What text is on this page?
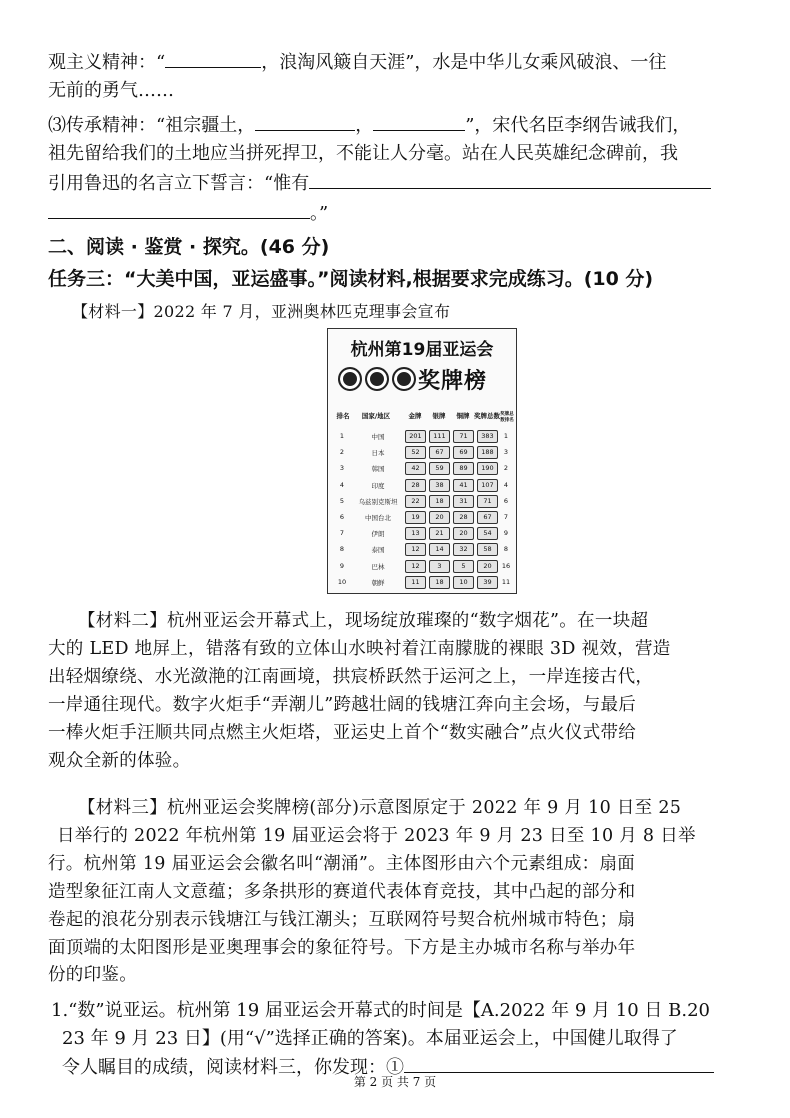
观主义精神：“	，浪淘风簸自天涯”，水是中华儿女乘风破浪、一往
无前的勇气……
⑶传承精神：“祖宗疆土，	，	”，宋代名臣李纲告诫我们，
祖先留给我们的土地应当拼死捍卫，不能让人分毫。站在人民英雄纪念碑前，我
引用鲁迅的名言立下誓言：“惟有
。”
二、阅读 · 鉴赏 · 探究。(46 分)
任务三：“大美中国，亚运盛事。”阅读材料,根据要求完成练习。(10 分)
【材料一】2022 年 7 月，亚洲奥林匹克理事会宣布
杭州第19届亚运会
奖牌榜
排名	国家/地区	金牌	银牌	铜牌 奖牌总数 奖牌总数排名
1	中国	201	111	71	383	1
2	日本	52	67	69	188	3
3	韩国	42	59	89	190	2
4	印度	28	38	41	107	4
5	乌兹别克斯坦	22	18	31	71	6
6	中国台北	19	20	28	67	7
7	伊朗	13	21	20	54	9
8	泰国	12	14	32	58	8
9	巴林	12	3	5	20	16
10	朝鲜	11	18	10	39	11
【材料二】杭州亚运会开幕式上，现场绽放璀璨的“数字烟花”。在一块超
大的 LED 地屏上，错落有致的立体山水映衬着江南朦胧的裸眼 3D 视效，营造
出轻烟缭绕、水光潋滟的江南画境，拱宸桥跃然于运河之上，一岸连接古代，
一岸通往现代。数字火炬手“弄潮儿”跨越壮阔的钱塘江奔向主会场，与最后
一棒火炬手汪顺共同点燃主火炬塔，亚运史上首个“数实融合”点火仪式带给
观众全新的体验。
【材料三】杭州亚运会奖牌榜(部分)示意图原定于 2022 年 9 月 10 日至 25
日举行的 2022 年杭州第 19 届亚运会将于 2023 年 9 月 23 日至 10 月 8 日举
行。杭州第 19 届亚运会会徽名叫“潮涌”。主体图形由六个元素组成：扇面
造型象征江南人文意蕴；多条拱形的赛道代表体育竞技，其中凸起的部分和
卷起的浪花分别表示钱塘江与钱江潮头；互联网符号契合杭州城市特色；扇
面顶端的太阳图形是亚奥理事会的象征符号。下方是主办城市名称与举办年
份的印鉴。
1.“数”说亚运。杭州第 19 届亚运会开幕式的时间是【A.2022 年 9 月 10 日 B.20
23 年 9 月 23 日】(用“√”选择正确的答案)。本届亚运会上，中国健儿取得了
令人瞩目的成绩，阅读材料三，你发现：①
第 2 页 共 7 页
